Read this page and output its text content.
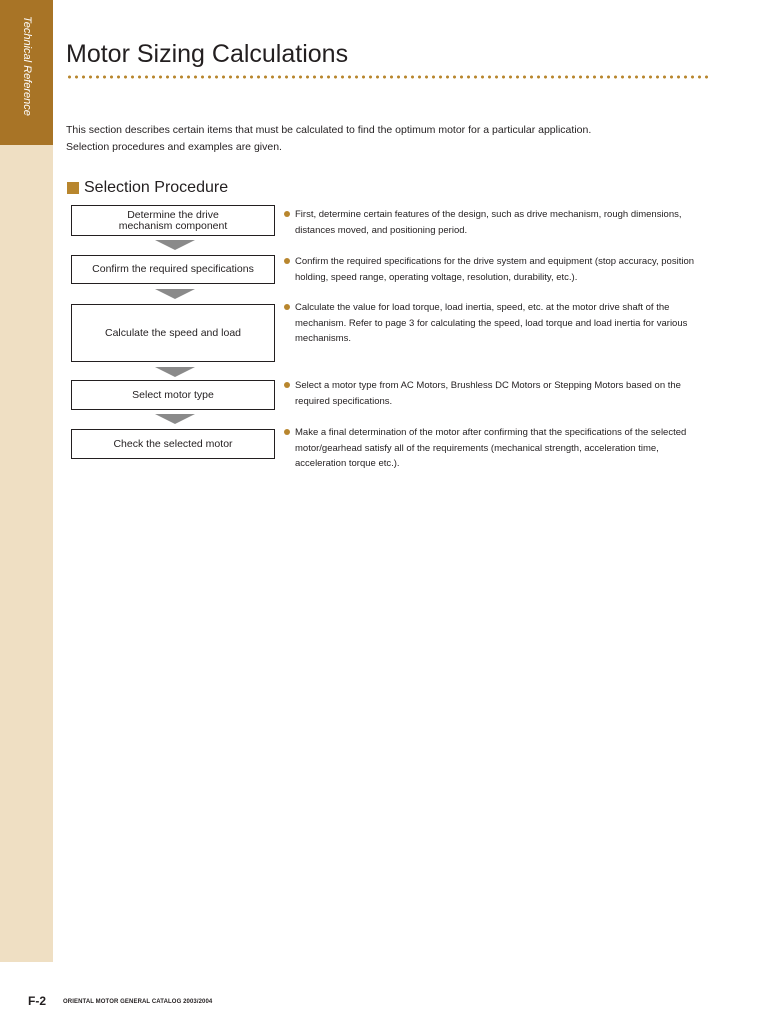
Technical Reference Motor Sizing Calculations

This section describes certain items that must be calculated to find the optimum motor for a particular application.

Selection procedures and examples are given.

Selection Procedure
Determine the drive
mechanism component
First, determine certain features of the design, such as drive mechanism, rough dimensions, distances moved, and positioning period.
Confirm the required specifications
Confirm the required specifications for the drive system and equipment (stop accuracy, position holding, speed range, operating voltage, resolution, durability, etc.).
Calculate the speed and load
Calculate the value for load torque, load inertia, speed, etc. at the motor drive shaft of the mechanism. Refer to page 3 for calculating the speed, load torque and load inertia for various mechanisms.
Select motor type
Select a motor type from AC Motors, Brushless DC Motors or Stepping Motors based on the required specifications.
Check the selected motor
Make a final determination of the motor after confirming that the specifications of the selected motor/gearhead satisfy all of the requirements (mechanical strength, acceleration time, acceleration torque etc.).
F-2	ORIENTAL MOTOR GENERAL CATALOG 2003/2004
